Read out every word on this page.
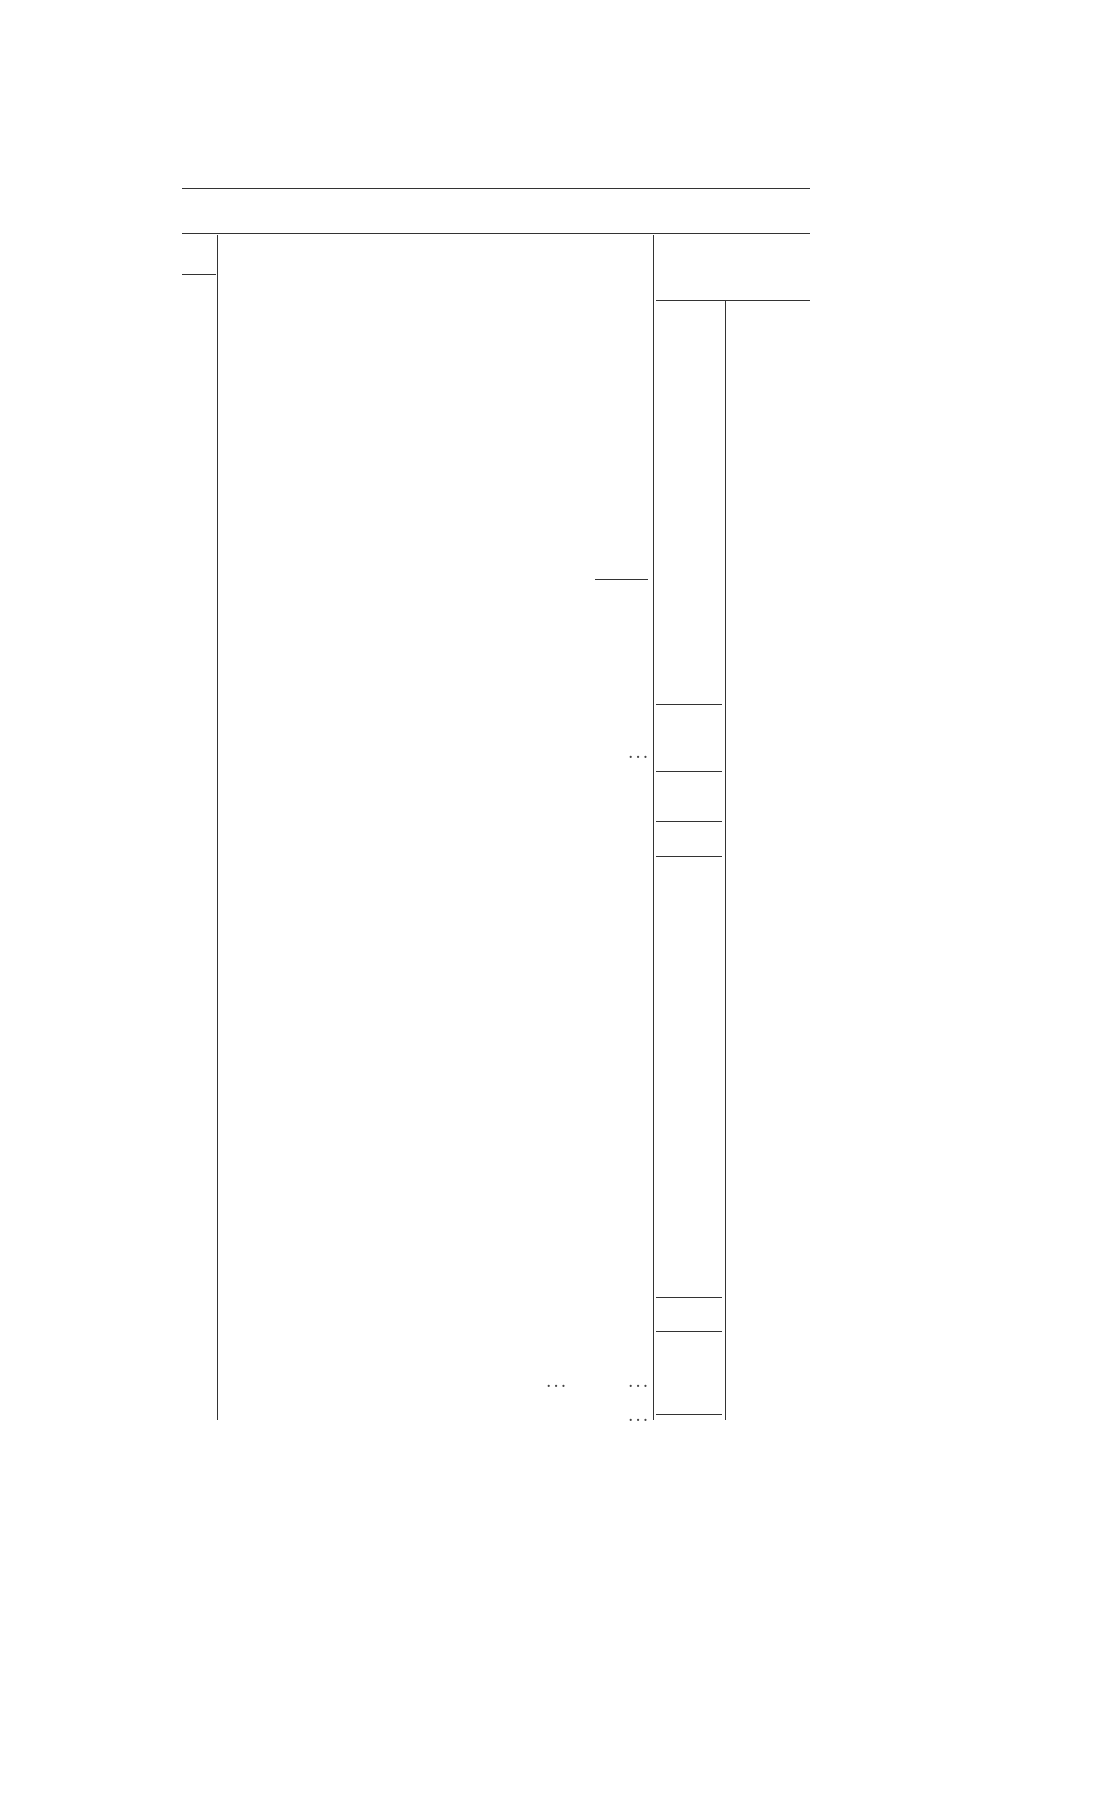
...
...	...
...
